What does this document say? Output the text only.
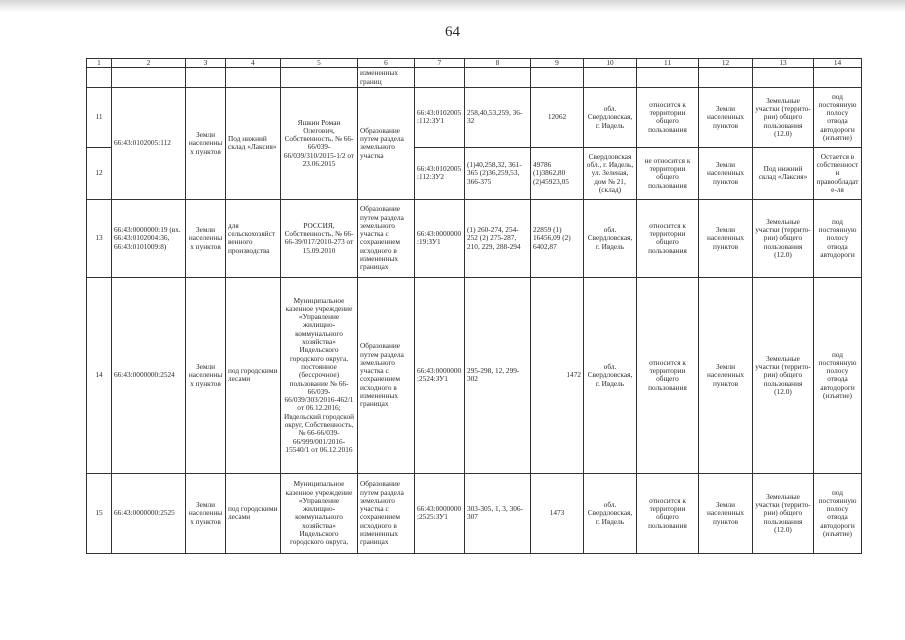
64
1	2	3	4	5	6	7	8	9	10	11	12	13	14
					измененных границ								
11	66:43:0102005:112	Земли населенных пунктов	Под нижний склад «Лаксия»	Яшкин Роман Олегович, Собственность, № 66-66/039-66/039/310/2015-1/2 от 23.06.2015	Образование путем раздела земельного участка	66:43:0102005:112:ЗУ1	258,40,53,259, 36-32	12062	обл. Свердловская, г. Ивдель	относится к территории общего пользования	Земли населенных пунктов	Земельные участки (террито-рии) общего пользования (12.0)	под постоянную полосу отвода автодороги (изъятие)
12						66:43:0102005:112:ЗУ2	(1)40,258,32, 361-365 (2)36,259,53, 366-375	49786 (1)3862,80 (2)45923,05	Свердловская обл., г. Ивдель, ул. Зеленая, дом № 21, (склад)	не относится к территории общего пользования	Земли населенных пунктов	Под нижний склад «Лаксия»	Остается в собственност и правообладат е-ля
13	66:43:0000000:19 (вх. 66:43:0102004:36, 66:43:0101009:8)	Земли населенных пунктов	для сельскохозяйственного производства	РОССИЯ, Собственность, № 66-66-39/017/2010-273 от 15.09.2010	Образование путем раздела земельного участка с сохранением исходного в измененных границах	66:43:0000000:19:ЗУ1	(1) 260-274, 254-252 (2) 275-287, 210, 229, 288-294	22859 (1) 16456,09 (2) 6402,87	обл. Свердловская, г. Ивдель	относится к территории общего пользования	Земли населенных пунктов	Земельные участки (террито-рии) общего пользования (12.0)	под постоянную полосу отвода автодороги
14	66:43:0000000:2524	Земли населенных пунктов	под городскими лесами	Муниципальное казенное учреждение «Управление жилищно-коммунального хозяйства» Ивдельского городского округа, постоянное (бессрочное) пользование № 66-66/039-66/039/303/2016-462/1 от 06.12.2016; Ивдельский городской округ, Собственность, № 66-66/039-66/999/001/2016-15540/1 от 06.12.2016	Образование путем раздела земельного участка с сохранением исходного в измененных границах	66:43:0000000:2524:ЗУ1	295-298, 12, 299-302	1472	обл. Свердловская, г. Ивдель	относится к территории общего пользования	Земли населенных пунктов	Земельные участки (террито-рии) общего пользования (12.0)	под постоянную полосу отвода автодороги (изъятие)
15	66:43:0000000:2525	Земли населенных пунктов	под городскими лесами	Муниципальное казенное учреждение «Управление жилищно-коммунального хозяйства» Ивдельского городского округа,	Образование путем раздела земельного участка с сохранением исходного в измененных границах	66:43:0000000:2525:ЗУ1	303-305, 1, 3, 306-307	1473	обл. Свердловская, г. Ивдель	относится к территории общего пользования	Земли населенных пунктов	Земельные участки (террито-рии) общего пользования (12.0)	под постоянную полосу отвода автодороги (изъятие)
